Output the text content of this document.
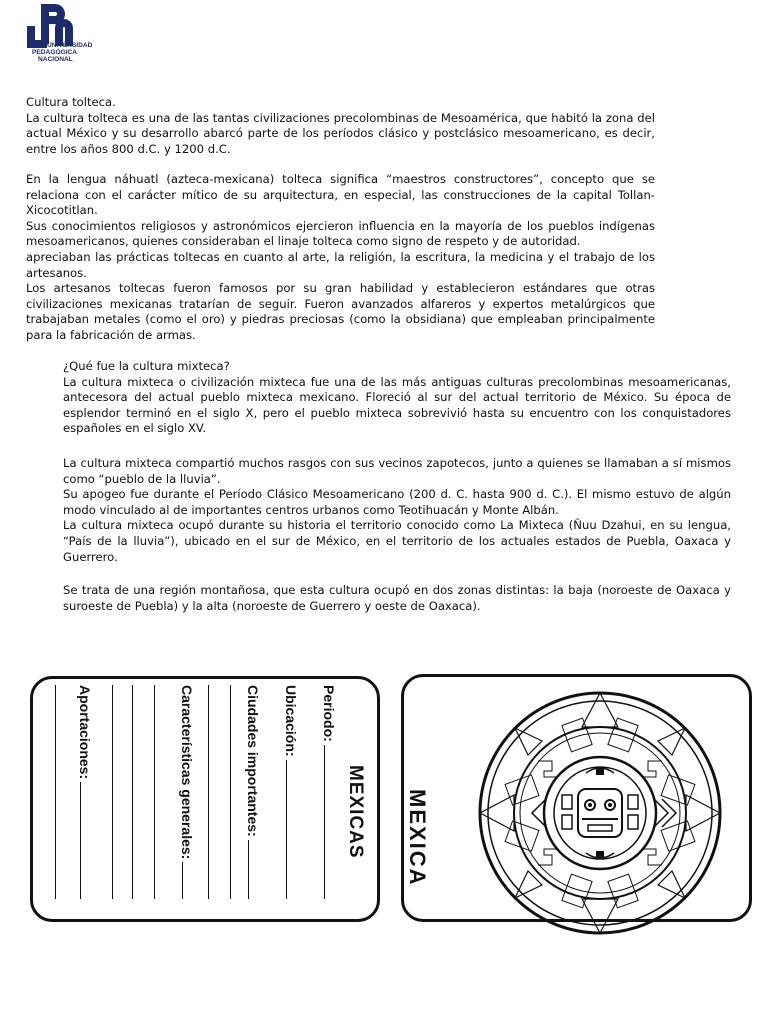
UNIVERSIDAD
PEDAGÓGICA
NACIONAL

Cultura tolteca.
La cultura tolteca es una de las tantas civilizaciones precolombinas de Mesoamérica, que habitó la zona del actual México y su desarrollo abarcó parte de los períodos clásico y postclásico mesoamericano, es decir, entre los años 800 d.C. y 1200 d.C.

En la lengua náhuatl (azteca-mexicana) tolteca significa “maestros constructores”, concepto que se relaciona con el carácter mítico de su arquitectura, en especial, las construcciones de la capital Tollan-Xicocotitlan.
Sus conocimientos religiosos y astronómicos ejercieron influencia en la mayoría de los pueblos indígenas mesoamericanos, quienes consideraban el linaje tolteca como signo de respeto y de autoridad.
apreciaban las prácticas toltecas en cuanto al arte, la religión, la escritura, la medicina y el trabajo de los artesanos.
Los artesanos toltecas fueron famosos por su gran habilidad y establecieron estándares que otras civilizaciones mexicanas tratarían de seguir. Fueron avanzados alfareros y expertos metalúrgicos que trabajaban metales (como el oro) y piedras preciosas (como la obsidiana) que empleaban principalmente para la fabricación de armas.

¿Qué fue la cultura mixteca?
La cultura mixteca o civilización mixteca fue una de las más antiguas culturas precolombinas mesoamericanas, antecesora del actual pueblo mixteca mexicano. Floreció al sur del actual territorio de México. Su época de esplendor terminó en el siglo X, pero el pueblo mixteca sobrevivió hasta su encuentro con los conquistadores españoles en el siglo XV.

La cultura mixteca compartió muchos rasgos con sus vecinos zapotecos, junto a quienes se llamaban a sí mismos como “pueblo de la lluvia”.
Su apogeo fue durante el Período Clásico Mesoamericano (200 d. C. hasta 900 d. C.). El mismo estuvo de algún modo vinculado al de importantes centros urbanos como Teotihuacán y Monte Albán.
La cultura mixteca ocupó durante su historia el territorio conocido como La Mixteca (Ñuu Dzahui, en su lengua, “País de la lluvia”), ubicado en el sur de México, en el territorio de los actuales estados de Puebla, Oaxaca y Guerrero.

Se trata de una región montañosa, que esta cultura ocupó en dos zonas distintas: la baja (noroeste de Oaxaca y suroeste de Puebla) y la alta (noroeste de Guerrero y oeste de Oaxaca).

MEXICAS
Periodo:
Ubicación:
Ciudades importantes:
Características generales:
Aportaciones:
MEXICA
